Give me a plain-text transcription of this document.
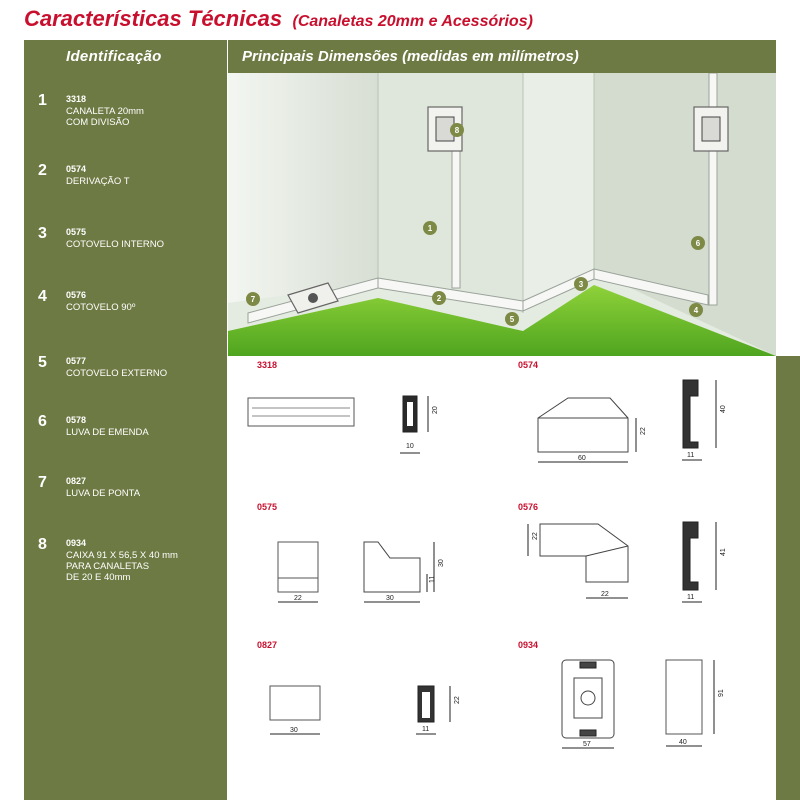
Características Técnicas (Canaletas 20mm e Acessórios)
Identificação
1 3318
CANALETA 20mm
COM DIVISÃO
2 0574
DERIVAÇÃO T
3 0575
COTOVELO INTERNO
4 0576
COTOVELO 90º
5 0577
COTOVELO EXTERNO
6 0578
LUVA DE EMENDA
7 0827
LUVA DE PONTA
8 0934
CAIXA 91 X 56,5 X 40 mm
PARA CANALETAS
DE 20 E 40mm
Principais Dimensões (medidas em milímetros)
1
2
3
4
5
6
7
8
3318
20
10
0574
22
60
40
11
0575
22	30
30
11
0576
22
22
41
11
0827
30
22
11
0934
57
91
40
